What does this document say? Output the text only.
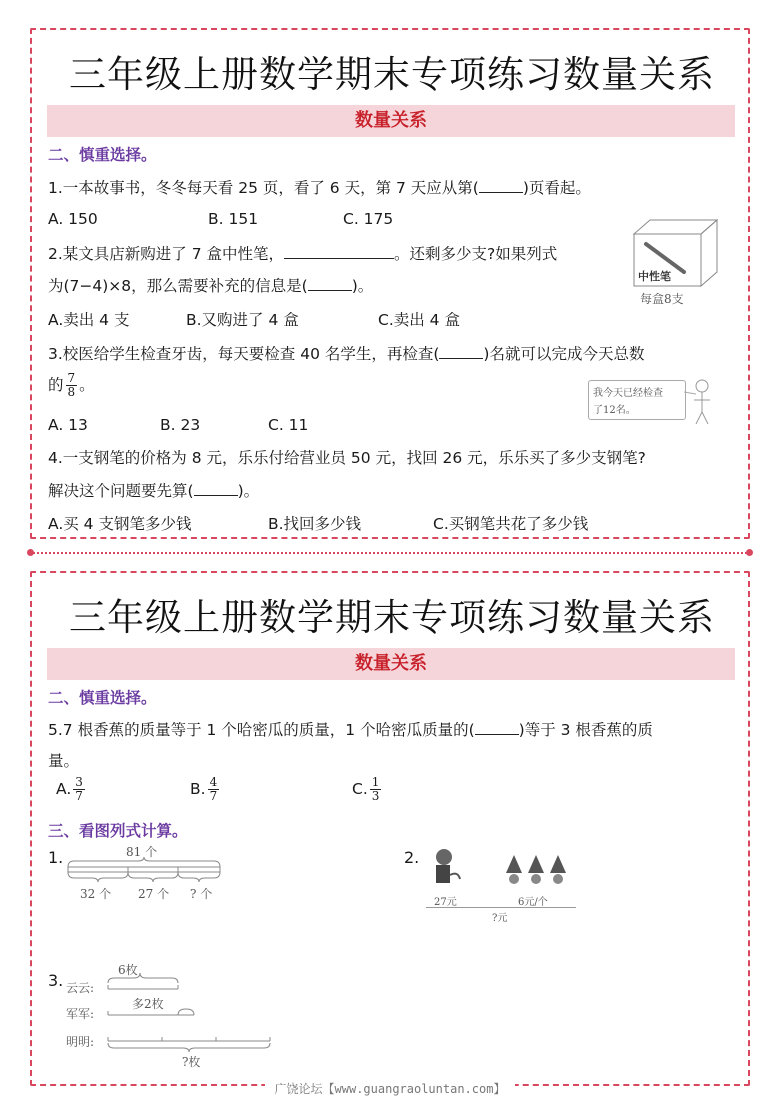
三年级上册数学期末专项练习数量关系
数量关系
二、慎重选择。
1.一本故事书，冬冬每天看 25 页，看了 6 天，第 7 天应从第(	)页看起。
A. 150	B. 151	C. 175
2.某文具店新购进了 7 盒中性笔，	。还剩多少支?如果列式
为(7−4)×8，那么需要补充的信息是(	)。
A.卖出 4 支	B.又购进了 4 盒	C.卖出 4 盒
中性笔
每盒8支
3.校医给学生检查牙齿，每天要检查 40 名学生，再检查(	)名就可以完成今天总数
的 $\frac{7}{8}$ 。
A. 13	B. 23	C. 11
我今天已经检查
了12名。
4.一支钢笔的价格为 8 元，乐乐付给营业员 50 元，找回 26 元，乐乐买了多少支钢笔?
解决这个问题要先算(	)。
A.买 4 支钢笔多少钱	B.找回多少钱	C.买钢笔共花了多少钱
三年级上册数学期末专项练习数量关系
数量关系
二、慎重选择。
5.7 根香蕉的质量等于 1 个哈密瓜的质量，1 个哈密瓜质量的(	)等于 3 根香蕉的质
量。
A. $\frac{3}{7}$	B. $\frac{4}{7}$	C. $\frac{1}{3}$
三、看图列式计算。
1.	81 个
32 个 27 个 ? 个
2.
27元	6元/个
?元
3.
6枚
云云:
军军:
明明:
多2枚
?枚
广饶论坛【www.guangraoluntan.com】
